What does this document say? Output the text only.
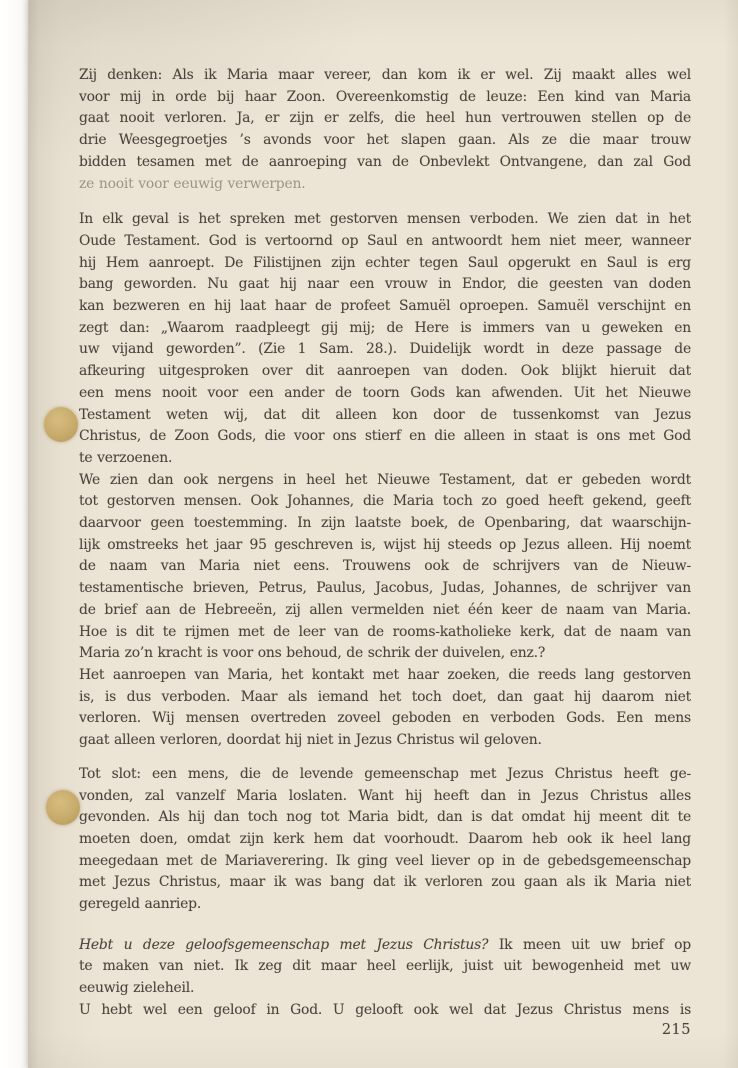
Zij denken: Als ik Maria maar vereer, dan kom ik er wel. Zij maakt alles wel
voor mij in orde bij haar Zoon. Overeenkomstig de leuze: Een kind van Maria
gaat nooit verloren. Ja, er zijn er zelfs, die heel hun vertrouwen stellen op de
drie Weesgegroetjes ’s avonds voor het slapen gaan. Als ze die maar trouw
bidden tesamen met de aanroeping van de Onbevlekt Ontvangene, dan zal God
ze nooit voor eeuwig verwerpen.
In elk geval is het spreken met gestorven mensen verboden. We zien dat in het
Oude Testament. God is vertoornd op Saul en antwoordt hem niet meer, wanneer
hij Hem aanroept. De Filistijnen zijn echter tegen Saul opgerukt en Saul is erg
bang geworden. Nu gaat hij naar een vrouw in Endor, die geesten van doden
kan bezweren en hij laat haar de profeet Samuël oproepen. Samuël verschijnt en
zegt dan: „Waarom raadpleegt gij mij; de Here is immers van u geweken en
uw vijand geworden”. (Zie 1 Sam. 28.). Duidelijk wordt in deze passage de
afkeuring uitgesproken over dit aanroepen van doden. Ook blijkt hieruit dat
een mens nooit voor een ander de toorn Gods kan afwenden. Uit het Nieuwe
Testament weten wij, dat dit alleen kon door de tussenkomst van Jezus
Christus, de Zoon Gods, die voor ons stierf en die alleen in staat is ons met God
te verzoenen.
We zien dan ook nergens in heel het Nieuwe Testament, dat er gebeden wordt
tot gestorven mensen. Ook Johannes, die Maria toch zo goed heeft gekend, geeft
daarvoor geen toestemming. In zijn laatste boek, de Openbaring, dat waarschijn-
lijk omstreeks het jaar 95 geschreven is, wijst hij steeds op Jezus alleen. Hij noemt
de naam van Maria niet eens. Trouwens ook de schrijvers van de Nieuw-
testamentische brieven, Petrus, Paulus, Jacobus, Judas, Johannes, de schrijver van
de brief aan de Hebreeën, zij allen vermelden niet één keer de naam van Maria.
Hoe is dit te rijmen met de leer van de rooms-katholieke kerk, dat de naam van
Maria zo’n kracht is voor ons behoud, de schrik der duivelen, enz.?
Het aanroepen van Maria, het kontakt met haar zoeken, die reeds lang gestorven
is, is dus verboden. Maar als iemand het toch doet, dan gaat hij daarom niet
verloren. Wij mensen overtreden zoveel geboden en verboden Gods. Een mens
gaat alleen verloren, doordat hij niet in Jezus Christus wil geloven.
Tot slot: een mens, die de levende gemeenschap met Jezus Christus heeft ge-
vonden, zal vanzelf Maria loslaten. Want hij heeft dan in Jezus Christus alles
gevonden. Als hij dan toch nog tot Maria bidt, dan is dat omdat hij meent dit te
moeten doen, omdat zijn kerk hem dat voorhoudt. Daarom heb ook ik heel lang
meegedaan met de Mariaverering. Ik ging veel liever op in de gebedsgemeenschap
met Jezus Christus, maar ik was bang dat ik verloren zou gaan als ik Maria niet
geregeld aanriep.
Hebt u deze geloofsgemeenschap met Jezus Christus? Ik meen uit uw brief op
te maken van niet. Ik zeg dit maar heel eerlijk, juist uit bewogenheid met uw
eeuwig zieleheil.
U hebt wel een geloof in God. U gelooft ook wel dat Jezus Christus mens is
215
